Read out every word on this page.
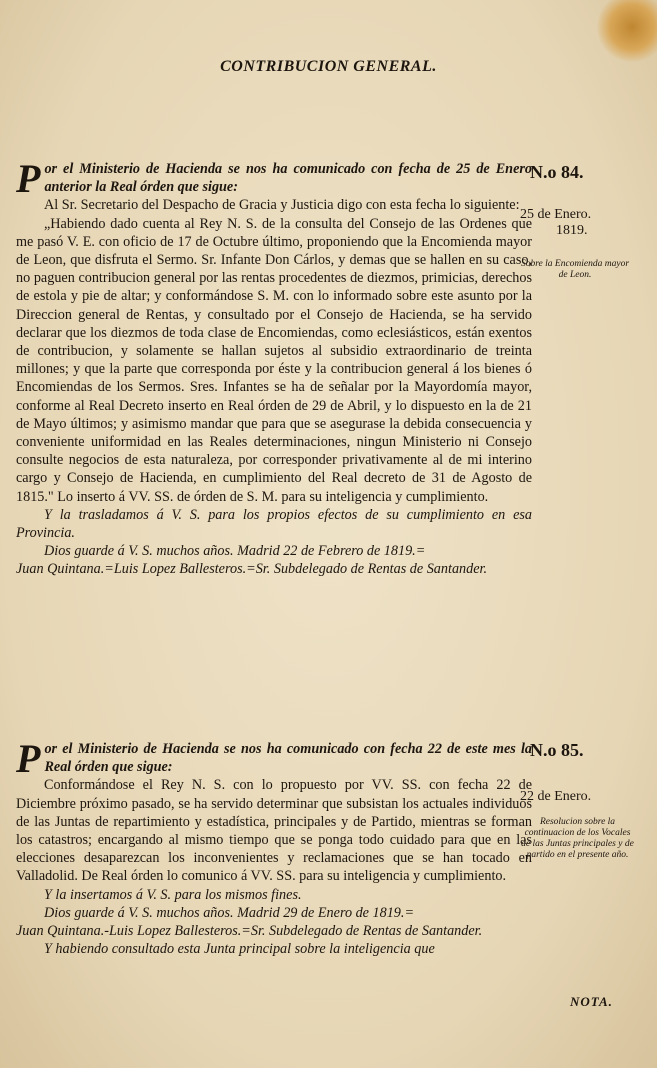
CONTRIBUCION GENERAL.

P or el Ministerio de Hacienda se nos ha comunicado con fecha de 25 de Enero anterior la Real órden que sigue:

Al Sr. Secretario del Despacho de Gracia y Justicia digo con esta fecha lo siguiente:

„Habiendo dado cuenta al Rey N. S. de la consulta del Consejo de las Ordenes que me pasó V. E. con oficio de 17 de Octubre último, proponiendo que la Encomienda mayor de Leon, que disfruta el Sermo. Sr. Infante Don Cárlos, y demas que se hallen en su caso, no paguen contribucion general por las rentas procedentes de diezmos, primicias, derechos de estola y pie de altar; y conformándose S. M. con lo informado sobre este asunto por la Direccion general de Rentas, y consultado por el Consejo de Hacienda, se ha servido declarar que los diezmos de toda clase de Encomiendas, como eclesiásticos, están exentos de contribucion, y solamente se hallan sujetos al subsidio extraordinario de treinta millones; y que la parte que corresponda por éste y la contribucion general á los bienes ó Encomiendas de los Sermos. Sres. Infantes se ha de señalar por la Mayordomía mayor, conforme al Real Decreto inserto en Real órden de 29 de Abril, y lo dispuesto en la de 21 de Mayo últimos; y asimismo mandar que para que se asegurase la debida consecuencia y conveniente uniformidad en las Reales determinaciones, ningun Ministerio ni Consejo consulte negocios de esta naturaleza, por corresponder privativamente al de mi interino cargo y Consejo de Hacienda, en cumplimiento del Real decreto de 31 de Agosto de 1815." Lo inserto á VV. SS. de órden de S. M. para su inteligencia y cumplimiento.

Y la trasladamos á V. S. para los propios efectos de su cumplimiento en esa Provincia.

Dios guarde á V. S. muchos años. Madrid 22 de Febrero de 1819.=

Juan Quintana.=Luis Lopez Ballesteros.=Sr. Subdelegado de Rentas de Santander.

N.o 84.
25 de Enero.
1819.
Sobre la Encomienda mayor de Leon.

P or el Ministerio de Hacienda se nos ha comunicado con fecha 22 de este mes la Real órden que sigue:

Conformándose el Rey N. S. con lo propuesto por VV. SS. con fecha 22 de Diciembre próximo pasado, se ha servido determinar que subsistan los actuales individuos de las Juntas de repartimiento y estadística, principales y de Partido, mientras se forman los catastros; encargando al mismo tiempo que se ponga todo cuidado para que en las elecciones desaparezcan los inconvenientes y reclamaciones que se han tocado en Valladolid. De Real órden lo comunico á VV. SS. para su inteligencia y cumplimiento.

Y la insertamos á V. S. para los mismos fines.

Dios guarde á V. S. muchos años. Madrid 29 de Enero de 1819.=

Juan Quintana.-Luis Lopez Ballesteros.=Sr. Subdelegado de Rentas de Santander.

Y habiendo consultado esta Junta principal sobre la inteligencia que

N.o 85.
22 de Enero.
Resolucion sobre la continuacion de los Vocales de las Juntas principales y de partido en el presente año.
NOTA.
